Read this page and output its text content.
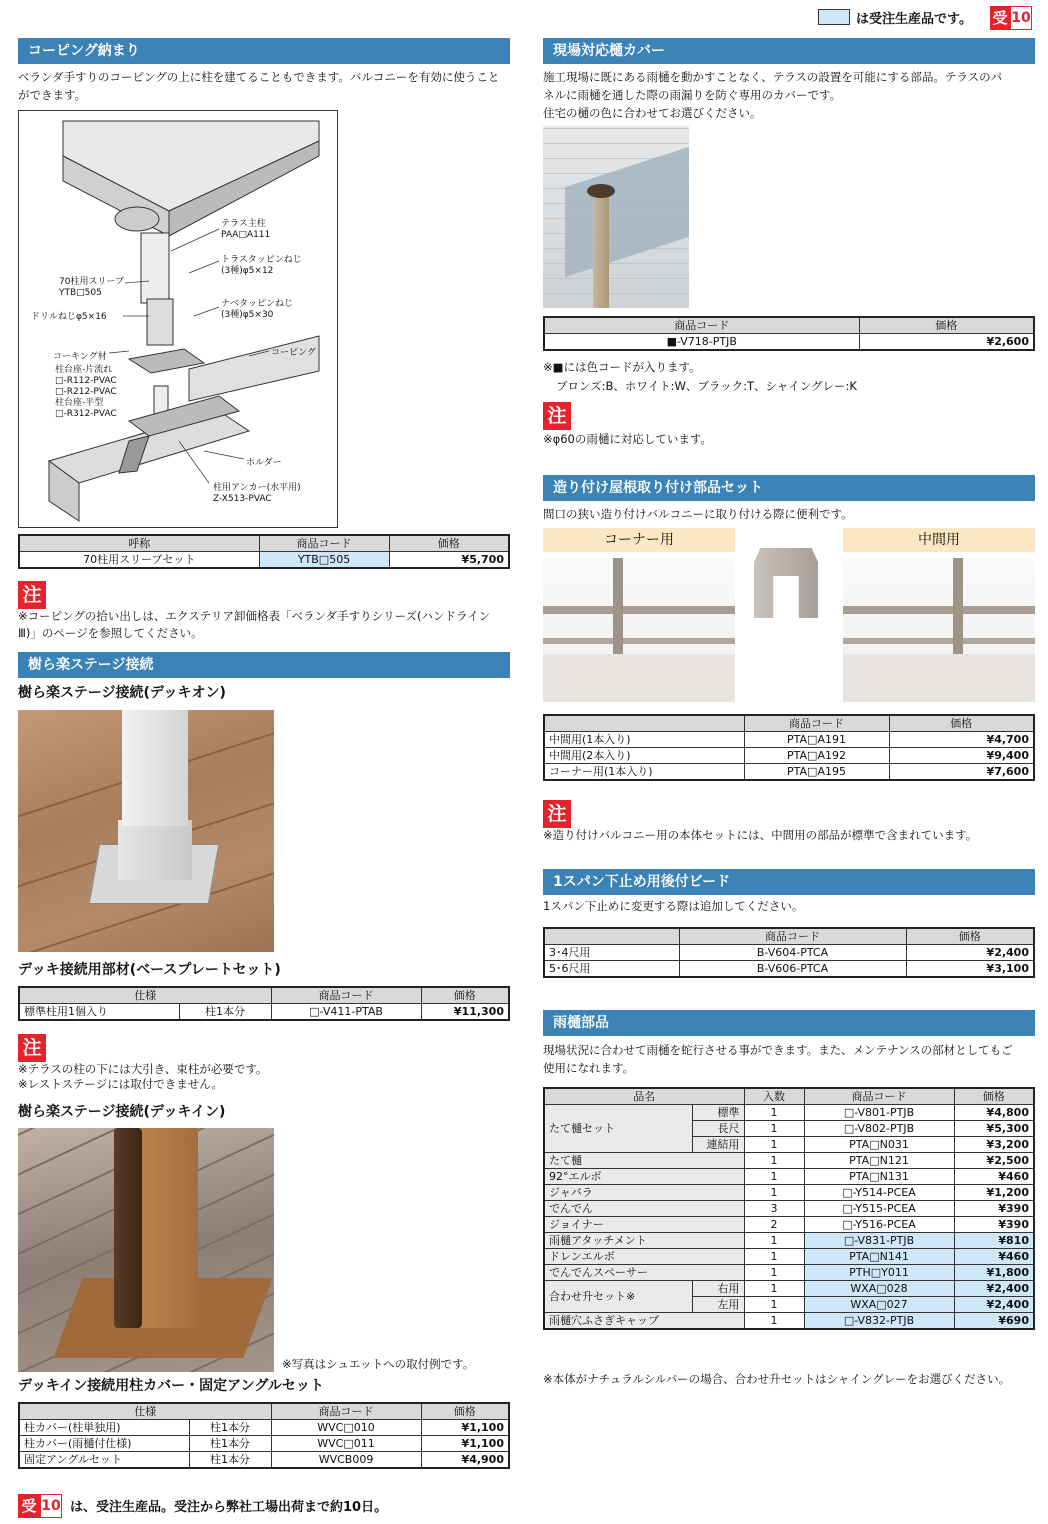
は受注生産品です。 受 10
コーピング納まり
ベランダ手すりのコーピングの上に柱を建てることもできます。バルコニーを有効に使うこと
ができます。
テラス主柱
PAA□A111
トラスタッピンねじ
(3種)φ5×12
70柱用スリーブ
YTB□505
ドリルねじφ5×16
ナベタッピンねじ
(3種)φ5×30
コーキング材	コーピング
柱台座-片流れ
□-R112-PVAC
□-R212-PVAC
柱台座-平型
□-R312-PVAC
ホルダー
柱用アンカー(水平用)
Z-X513-PVAC
呼称	商品コード	価格
70柱用スリーブセット	YTB□505	¥5,700
注
※コーピングの拾い出しは、エクステリア卸価格表「ベランダ手すりシリーズ(ハンドライン
Ⅲ)」のページを参照してください。
樹ら楽ステージ接続
樹ら楽ステージ接続(デッキオン)
デッキ接続用部材(ベースプレートセット)
仕様		商品コード	価格
標準柱用1個入り	柱1本分	□-V411-PTAB	¥11,300
注
※テラスの柱の下には大引き、束柱が必要です。
※レストステージには取付できません。
樹ら楽ステージ接続(デッキイン)
※写真はシュエットへの取付例です。
デッキイン接続用柱カバー・固定アングルセット
仕様		商品コード	価格
柱カバー(柱単独用)	柱1本分	WVC□010	¥1,100
柱カバー(雨樋付仕様)	柱1本分	WVC□011	¥1,100
固定アングルセット	柱1本分	WVCB009	¥4,900
受 10 は、受注生産品。受注から弊社工場出荷まで約10日。
現場対応樋カバー
施工現場に既にある雨樋を動かすことなく、テラスの設置を可能にする部品。テラスのパ
ネルに雨樋を通した際の雨漏りを防ぐ専用のカバーです。
住宅の樋の色に合わせてお選びください。
商品コード	価格
■-V718-PTJB	¥2,600
※■には色コードが入ります。
ブロンズ:B、ホワイト:W、ブラック:T、シャイングレー:K
注
※φ60の雨樋に対応しています。
造り付け屋根取り付け部品セット
間口の狭い造り付けバルコニーに取り付ける際に便利です。
コーナー用	中間用
	商品コード	価格
中間用(1本入り)	PTA□A191	¥4,700
中間用(2本入り)	PTA□A192	¥9,400
コーナー用(1本入り)	PTA□A195	¥7,600
注
※造り付けバルコニー用の本体セットには、中間用の部品が標準で含まれています。
1スパン下止め用後付ビード
1スパン下止めに変更する際は追加してください。
	商品コード	価格
3･4尺用	B-V604-PTCA	¥2,400
5･6尺用	B-V606-PTCA	¥3,100
雨樋部品
現場状況に合わせて雨樋を蛇行させる事ができます。また、メンテナンスの部材としてもご
使用になれます。
品名		入数	商品コード	価格
たて樋セット	標準	1	□-V801-PTJB	¥4,800
	長尺	1	□-V802-PTJB	¥5,300
	連結用	1	PTA□N031	¥3,200
たて樋		1	PTA□N121	¥2,500
92°エルボ		1	PTA□N131	¥460
ジャバラ		1	□-Y514-PCEA	¥1,200
でんでん		3	□-Y515-PCEA	¥390
ジョイナー		2	□-Y516-PCEA	¥390
雨樋アタッチメント		1	□-V831-PTJB	¥810
ドレンエルボ		1	PTA□N141	¥460
でんでんスペーサー		1	PTH□Y011	¥1,800
合わせ升セット※	右用	1	WXA□028	¥2,400
	左用	1	WXA□027	¥2,400
雨樋穴ふさぎキャップ		1	□-V832-PTJB	¥690
※本体がナチュラルシルバーの場合、合わせ升セットはシャイングレーをお選びください。
